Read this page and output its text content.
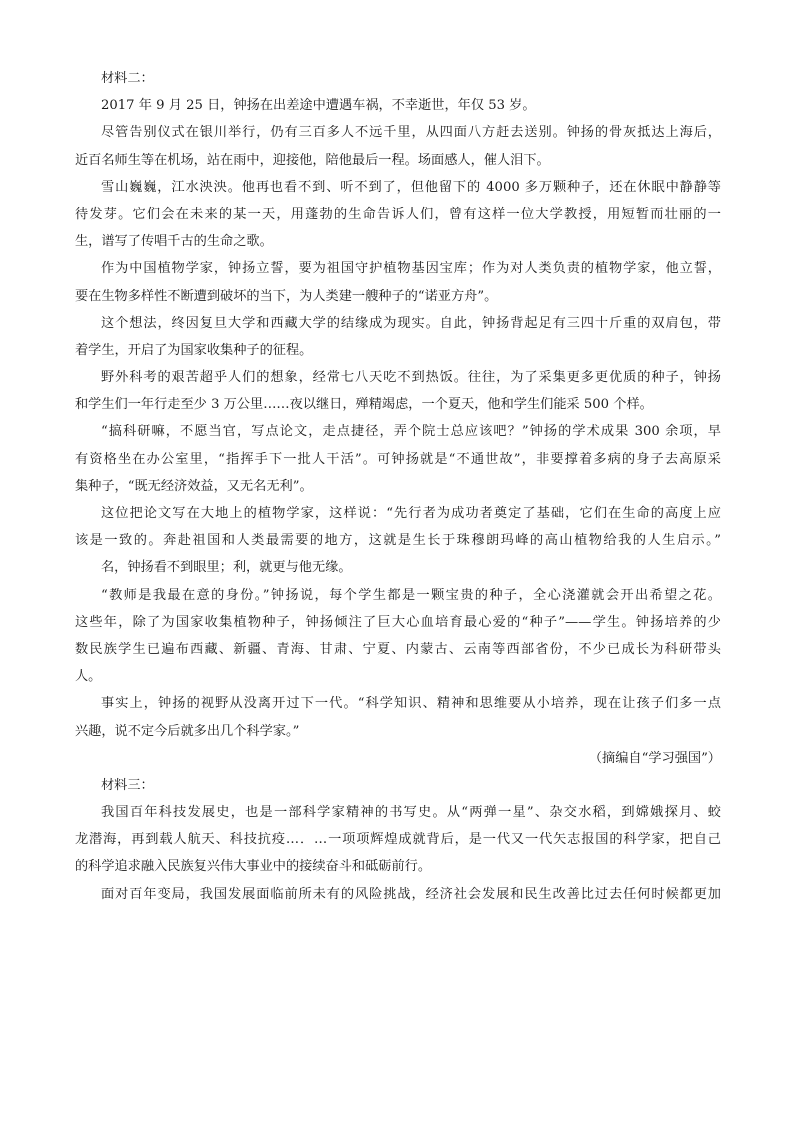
材料二：

2017 年 9 月 25 日，钟扬在出差途中遭遇车祸，不幸逝世，年仅 53 岁。

尽管告别仪式在银川举行，仍有三百多人不远千里，从四面八方赶去送别。钟扬的骨灰抵达上海后，

近百名师生等在机场，站在雨中，迎接他，陪他最后一程。场面感人，催人泪下。

雪山巍巍，江水泱泱。他再也看不到、听不到了，但他留下的 4000 多万颗种子，还在休眠中静静等

待发芽。它们会在未来的某一天，用蓬勃的生命告诉人们，曾有这样一位大学教授，用短暂而壮丽的一

生，谱写了传唱千古的生命之歌。

作为中国植物学家，钟扬立誓，要为祖国守护植物基因宝库；作为对人类负责的植物学家，他立誓，

要在生物多样性不断遭到破坏的当下，为人类建一艘种子的“诺亚方舟”。

这个想法，终因复旦大学和西藏大学的结缘成为现实。自此，钟扬背起足有三四十斤重的双肩包，带

着学生，开启了为国家收集种子的征程。

野外科考的艰苦超乎人们的想象，经常七八天吃不到热饭。往往，为了采集更多更优质的种子，钟扬

和学生们一年行走至少 3 万公里……夜以继日，殚精竭虑，一个夏天，他和学生们能采 500 个样。

“搞科研嘛，不愿当官，写点论文，走点捷径，弄个院士总应该吧？”钟扬的学术成果 300 余项，早

有资格坐在办公室里，“指挥手下一批人干活”。可钟扬就是“不通世故”，非要撑着多病的身子去高原采

集种子，“既无经济效益，又无名无利”。

这位把论文写在大地上的植物学家，这样说：“先行者为成功者奠定了基础，它们在生命的高度上应

该是一致的。奔赴祖国和人类最需要的地方，这就是生长于珠穆朗玛峰的高山植物给我的人生启示。”

名，钟扬看不到眼里；利，就更与他无缘。

“教师是我最在意的身份。”钟扬说，每个学生都是一颗宝贵的种子，全心浇灌就会开出希望之花。

这些年，除了为国家收集植物种子，钟扬倾注了巨大心血培育最心爱的“种子”——学生。钟扬培养的少

数民族学生已遍布西藏、新疆、青海、甘肃、宁夏、内蒙古、云南等西部省份，不少已成长为科研带头

人。

事实上，钟扬的视野从没离开过下一代。“科学知识、精神和思维要从小培养，现在让孩子们多一点

兴趣，说不定今后就多出几个科学家。”

（摘编自“学习强国”）

材料三：

我国百年科技发展史，也是一部科学家精神的书写史。从“两弹一星”、杂交水稻，到嫦娥探月、蛟

龙潜海，再到载人航天、科技抗疫…．…一项项辉煌成就背后，是一代又一代矢志报国的科学家，把自己

的科学追求融入民族复兴伟大事业中的接续奋斗和砥砺前行。

面对百年变局，我国发展面临前所未有的风险挑战，经济社会发展和民生改善比过去任何时候都更加
